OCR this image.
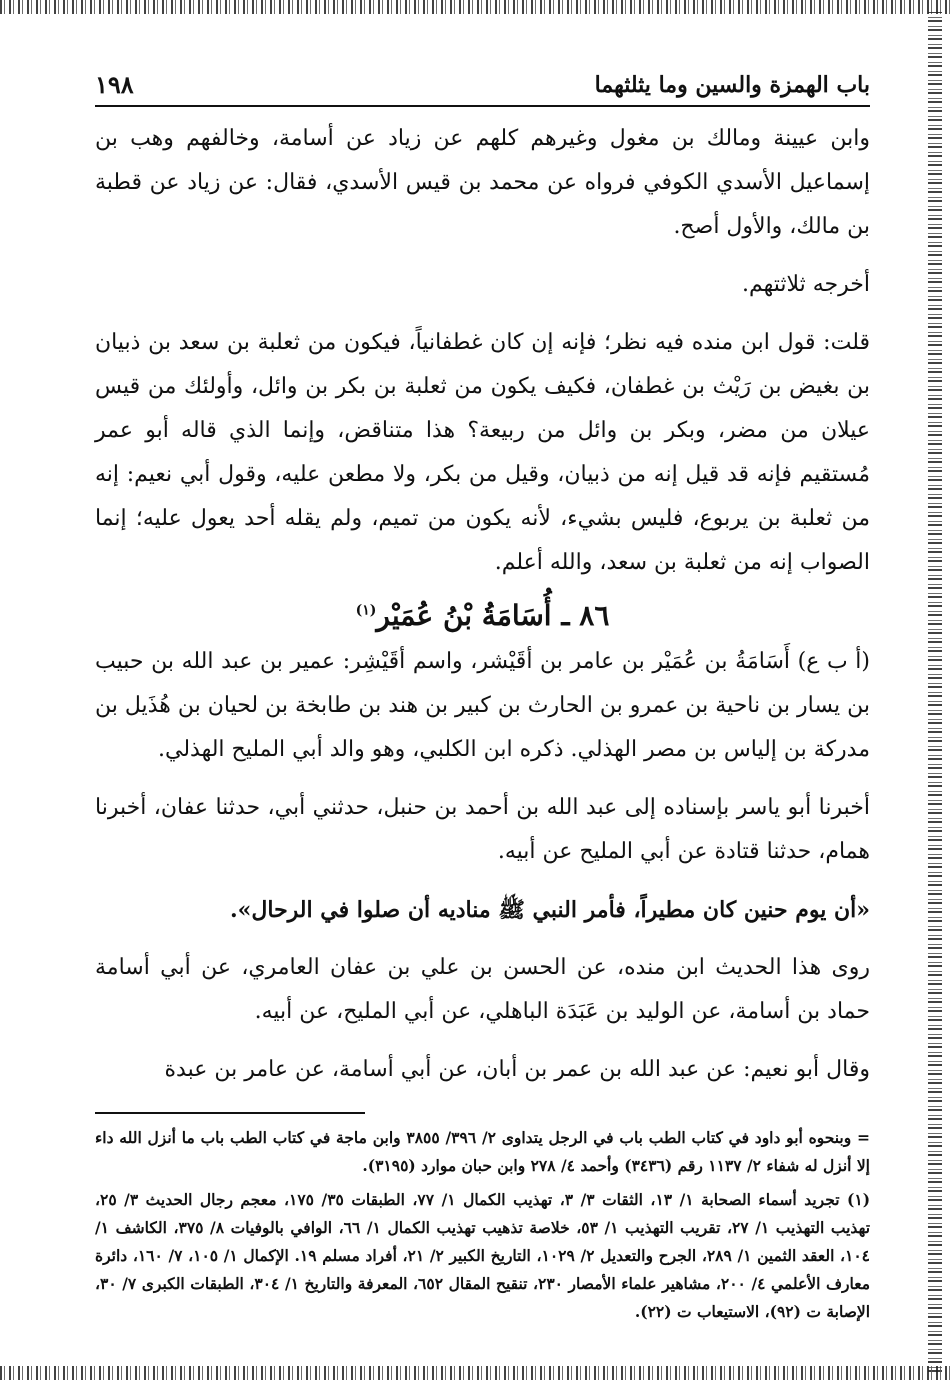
باب الهمزة والسين وما يثلثهما
١٩٨

وابن عيينة ومالك بن مغول وغيرهم كلهم عن زياد عن أسامة، وخالفهم وهب بن إسماعيل الأسدي الكوفي فرواه عن محمد بن قيس الأسدي، فقال: عن زياد عن قطبة بن مالك، والأول أصح.

أخرجه ثلاثتهم.

قلت: قول ابن منده فيه نظر؛ فإنه إن كان غطفانياً، فيكون من ثعلبة بن سعد بن ذبيان بن بغيض بن رَيْث بن غطفان، فكيف يكون من ثعلبة بن بكر بن وائل، وأولئك من قيس عيلان من مضر، وبكر بن وائل من ربيعة؟ هذا متناقض، وإنما الذي قاله أبو عمر مُستقيم فإنه قد قيل إنه من ذبيان، وقيل من بكر، ولا مطعن عليه، وقول أبي نعيم: إنه من ثعلبة بن يربوع، فليس بشيء، لأنه يكون من تميم، ولم يقله أحد يعول عليه؛ إنما الصواب إنه من ثعلبة بن سعد، والله أعلم.

٨٦ ـ أُسَامَةُ بْنُ عُمَيْر$^{(١)}$

(أ ب ع) أَسَامَةُ بن عُمَيْر بن عامر بن أقَيْشر، واسم أقَيْشِر: عمير بن عبد الله بن حبيب بن يسار بن ناحية بن عمرو بن الحارث بن كبير بن هند بن طابخة بن لحيان بن هُذَيل بن مدركة بن إلياس بن مصر الهذلي. ذكره ابن الكلبي، وهو والد أبي المليح الهذلي.

أخبرنا أبو ياسر بإسناده إلى عبد الله بن أحمد بن حنبل، حدثني أبي، حدثنا عفان، أخبرنا همام، حدثنا قتادة عن أبي المليح عن أبيه.

«أن يوم حنين كان مطيراً، فأمر النبي ﷺ مناديه أن صلوا في الرحال».

روى هذا الحديث ابن منده، عن الحسن بن علي بن عفان العامري، عن أبي أسامة حماد بن أسامة، عن الوليد بن عَبَدَة الباهلي، عن أبي المليح، عن أبيه.

وقال أبو نعيم: عن عبد الله بن عمر بن أبان، عن أبي أسامة، عن عامر بن عبدة

= وبنحوه أبو داود في كتاب الطب باب في الرجل يتداوى ٢/ ٣٩٦/ ٣٨٥٥ وابن ماجة في كتاب الطب باب ما أنزل الله داء إلا أنزل له شفاء ٢/ ١١٣٧ رقم (٣٤٣٦) وأحمد ٤/ ٢٧٨ وابن حبان موارد (٣١٩٥).

(١) تجريد أسماء الصحابة ١/ ١٣، الثقات ٣/ ٣، تهذيب الكمال ١/ ٧٧، الطبقات ٣٥/ ١٧٥، معجم رجال الحديث ٣/ ٢٥، تهذيب التهذيب ١/ ٢٧، تقريب التهذيب ١/ ٥٣، خلاصة تذهيب تهذيب الكمال ١/ ٦٦، الوافي بالوفيات ٨/ ٣٧٥، الكاشف ١/ ١٠٤، العقد الثمين ١/ ٢٨٩، الجرح والتعديل ٢/ ١٠٢٩، التاريخ الكبير ٢/ ٢١، أفراد مسلم ١٩. الإكمال ١/ ١٠٥، ٧/ ١٦٠، دائرة معارف الأعلمي ٤/ ٢٠٠، مشاهير علماء الأمصار ٢٣٠، تنقيح المقال ٦٥٢، المعرفة والتاريخ ١/ ٣٠٤، الطبقات الكبرى ٧/ ٣٠، الإصابة ت (٩٢)، الاستيعاب ت (٢٢).
